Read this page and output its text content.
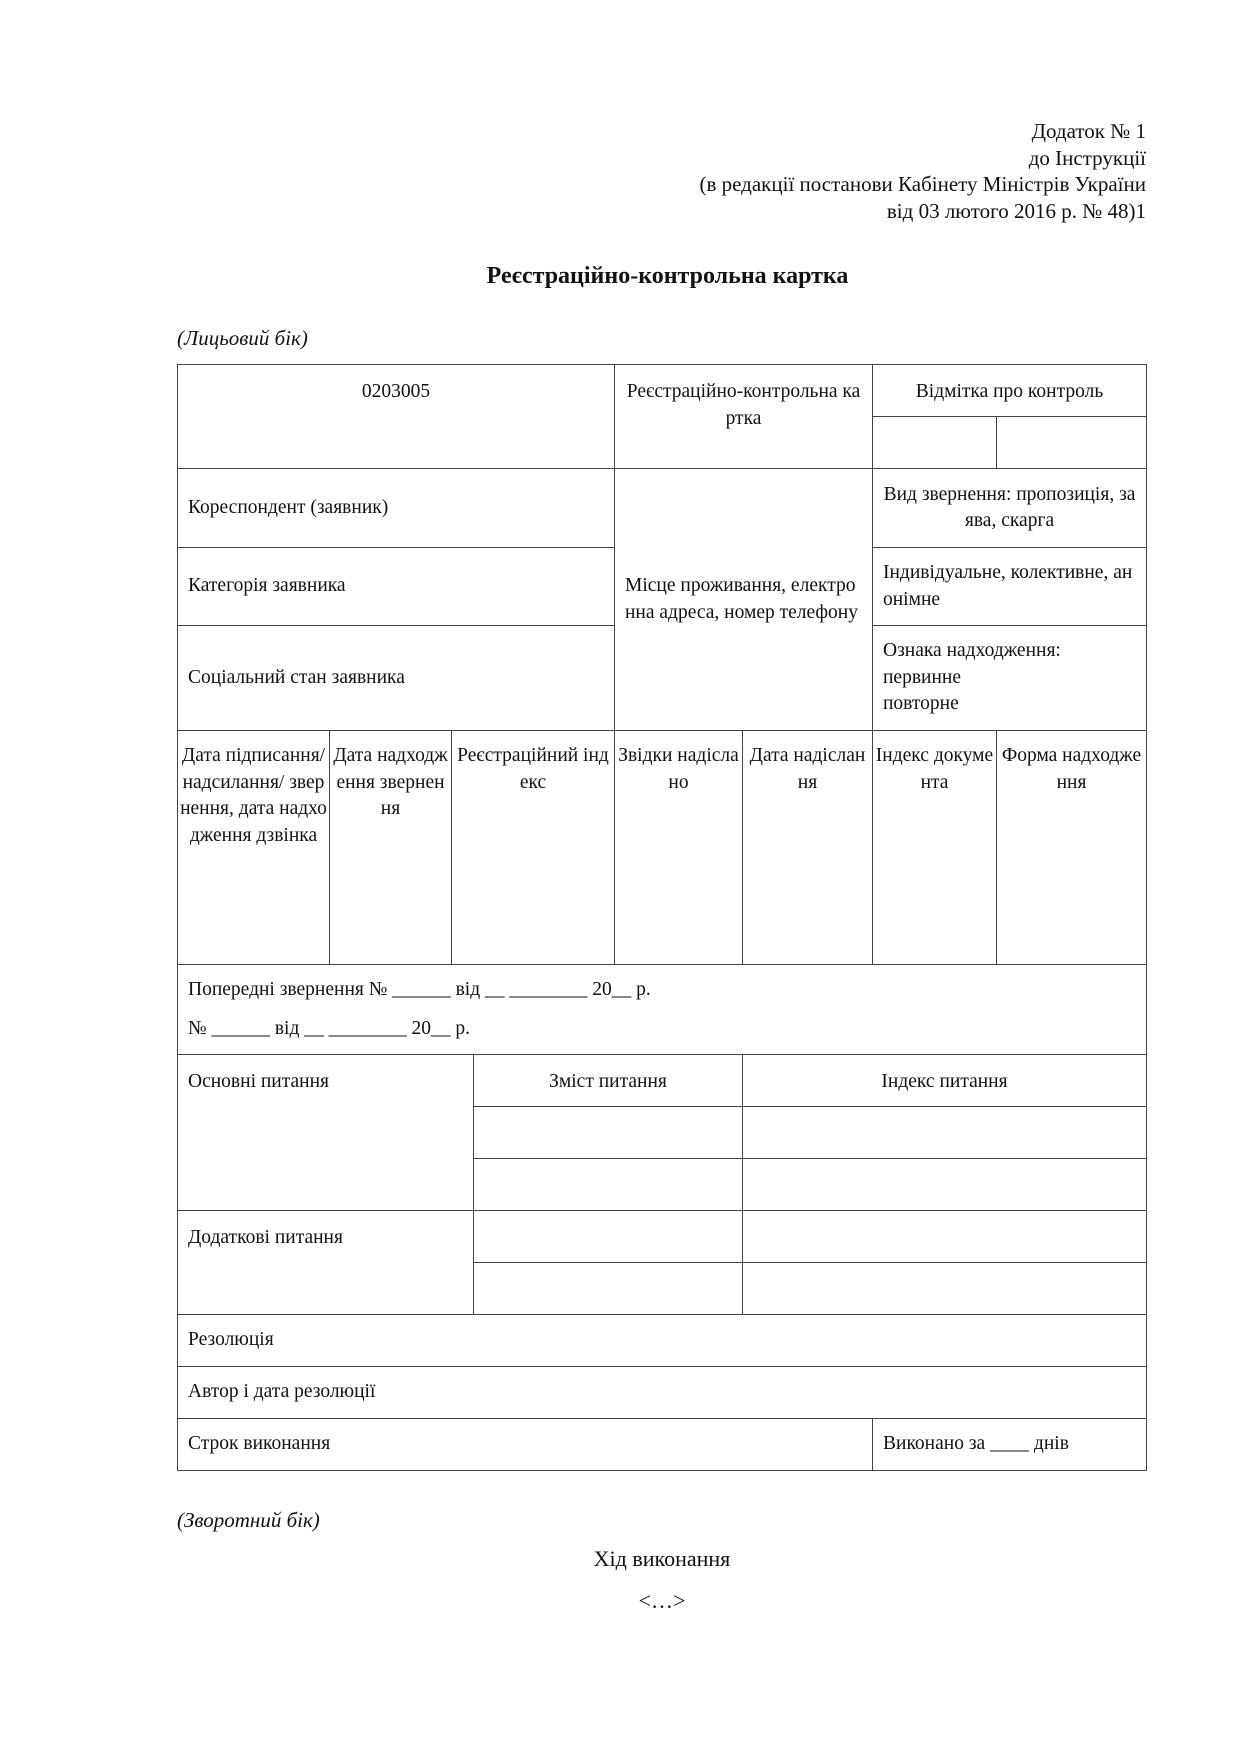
Додаток № 1
до Інструкції
(в редакції постанови Кабінету Міністрів України
від 03 лютого 2016 р. № 48)1
Реєстраційно-контрольна картка
(Лицьовий бік)
0203005				Реєстраційно-контрольна картка		Відмітка про контроль	

Кореспондент (заявник)				Місце проживання, електронна адреса, номер телефону		Вид звернення: пропозиція, заява, скарга	
Категорія заявника						Індивідуальне, колективне, анонімне	
Соціальний стан заявника						Ознака надходження:
первинне
повторне	

Дата підписання/ надсилання/ звернення, дата надходження дзвінка	Дата надходження звернення	Реєстраційний індекс		Звідки надіслано	Дата надіслання	Індекс документа	Форма надходження

Попередні звернення № ______ від __ ________ 20__ р.
№ ______ від __ ________ 20__ р.							

Основні питання			Зміст питання		Індекс питання		

Додаткові питання							

Резолюція							
Автор і дата резолюції							
Строк виконання						Виконано за ____ днів	
(Зворотний бік)
Хід виконання
<…>
